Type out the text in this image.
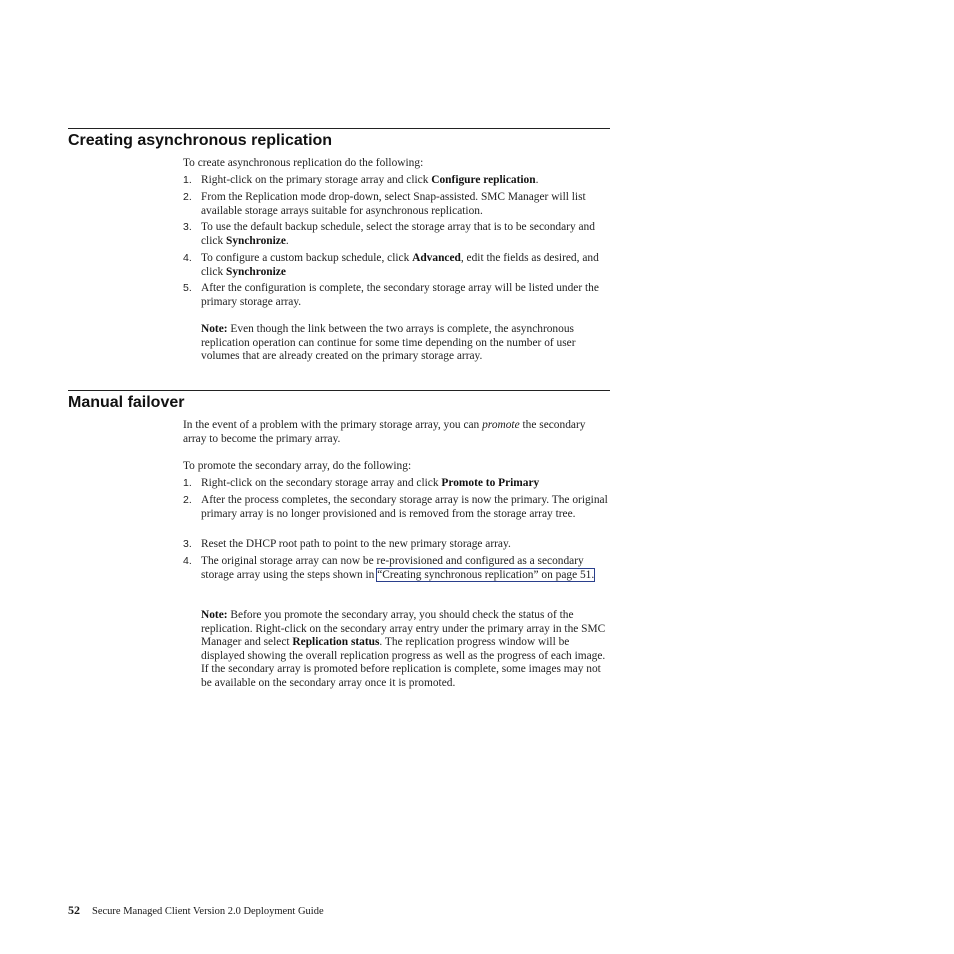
Creating asynchronous replication

To create asynchronous replication do the following:

1. Right-click on the primary storage array and click Configure replication.
2. From the Replication mode drop-down, select Snap-assisted. SMC Manager will list available storage arrays suitable for asynchronous replication.
3. To use the default backup schedule, select the storage array that is to be secondary and click Synchronize.
4. To configure a custom backup schedule, click Advanced, edit the fields as desired, and click Synchronize
5. After the configuration is complete, the secondary storage array will be listed under the primary storage array.
Note: Even though the link between the two arrays is complete, the asynchronous replication operation can continue for some time depending on the number of user volumes that are already created on the primary storage array.
Manual failover

In the event of a problem with the primary storage array, you can promote the secondary array to become the primary array.

To promote the secondary array, do the following:

1. Right-click on the secondary storage array and click Promote to Primary
2. After the process completes, the secondary storage array is now the primary. The original primary array is no longer provisioned and is removed from the storage array tree.
3. Reset the DHCP root path to point to the new primary storage array.
4. The original storage array can now be re-provisioned and configured as a secondary storage array using the steps shown in “Creating synchronous replication” on page 51.
Note: Before you promote the secondary array, you should check the status of the replication. Right-click on the secondary array entry under the primary array in the SMC Manager and select Replication status. The replication progress window will be displayed showing the overall replication progress as well as the progress of each image. If the secondary array is promoted before replication is complete, some images may not be available on the secondary array once it is promoted.
52 Secure Managed Client Version 2.0 Deployment Guide
